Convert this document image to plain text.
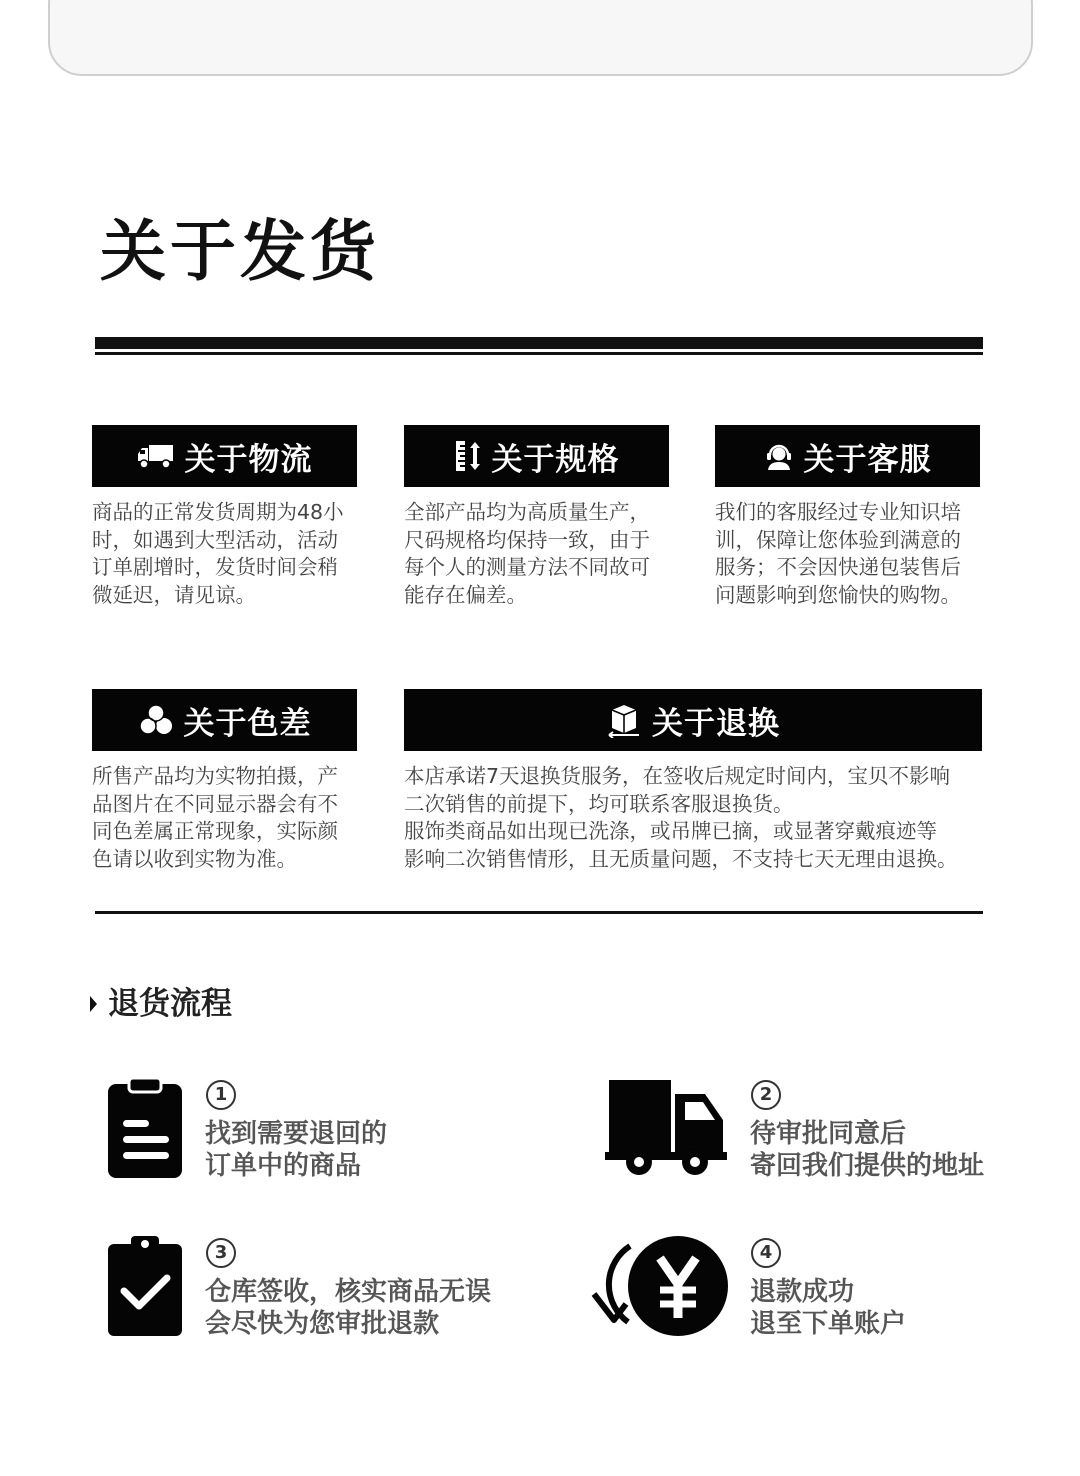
关于发货
关于物流
商品的正常发货周期为48小
时，如遇到大型活动，活动
订单剧增时，发货时间会稍
微延迟，请见谅。
关于规格
全部产品均为高质量生产，
尺码规格均保持一致，由于
每个人的测量方法不同故可
能存在偏差。
关于客服
我们的客服经过专业知识培
训，保障让您体验到满意的
服务；不会因快递包装售后
问题影响到您愉快的购物。
关于色差
所售产品均为实物拍摄，产
品图片在不同显示器会有不
同色差属正常现象，实际颜
色请以收到实物为准。
关于退换
本店承诺7天退换货服务，在签收后规定时间内，宝贝不影响
二次销售的前提下，均可联系客服退换货。
服饰类商品如出现已洗涤，或吊牌已摘，或显著穿戴痕迹等
影响二次销售情形，且无质量问题，不支持七天无理由退换。
退货流程
1
找到需要退回的
订单中的商品
2
待审批同意后
寄回我们提供的地址
3
仓库签收，核实商品无误
会尽快为您审批退款
4
退款成功
退至下单账户
